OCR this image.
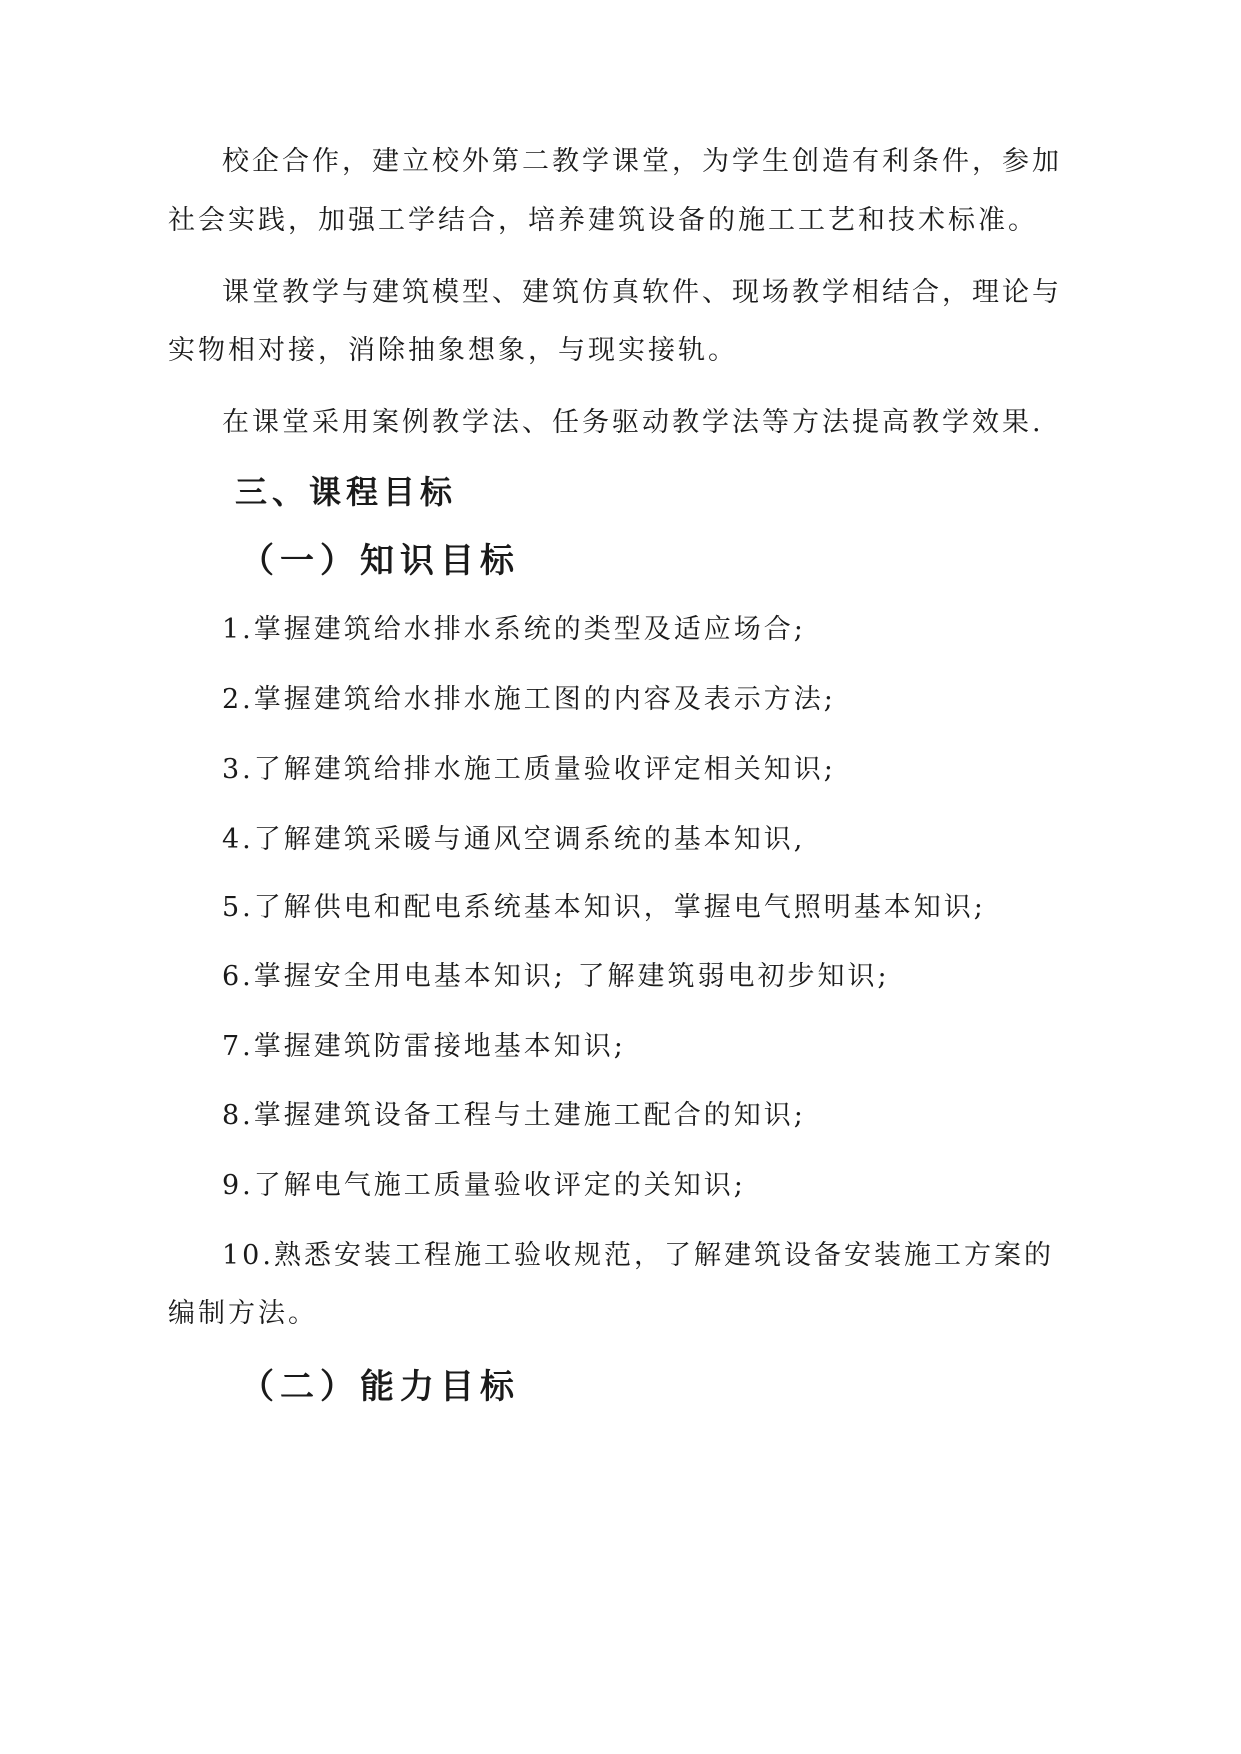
校企合作，建立校外第二教学课堂，为学生创造有利条件，参加
社会实践，加强工学结合，培养建筑设备的施工工艺和技术标准。
课堂教学与建筑模型、建筑仿真软件、现场教学相结合，理论与
实物相对接，消除抽象想象，与现实接轨。
在课堂采用案例教学法、任务驱动教学法等方法提高教学效果.
三、课程目标
（一）知识目标
1.掌握建筑给水排水系统的类型及适应场合;
2.掌握建筑给水排水施工图的内容及表示方法;
3.了解建筑给排水施工质量验收评定相关知识;
4.了解建筑采暖与通风空调系统的基本知识,
5.了解供电和配电系统基本知识，掌握电气照明基本知识;
6.掌握安全用电基本知识; 了解建筑弱电初步知识;
7.掌握建筑防雷接地基本知识;
8.掌握建筑设备工程与土建施工配合的知识;
9.了解电气施工质量验收评定的关知识;
10.熟悉安装工程施工验收规范，了解建筑设备安装施工方案的
编制方法。
（二）能力目标
